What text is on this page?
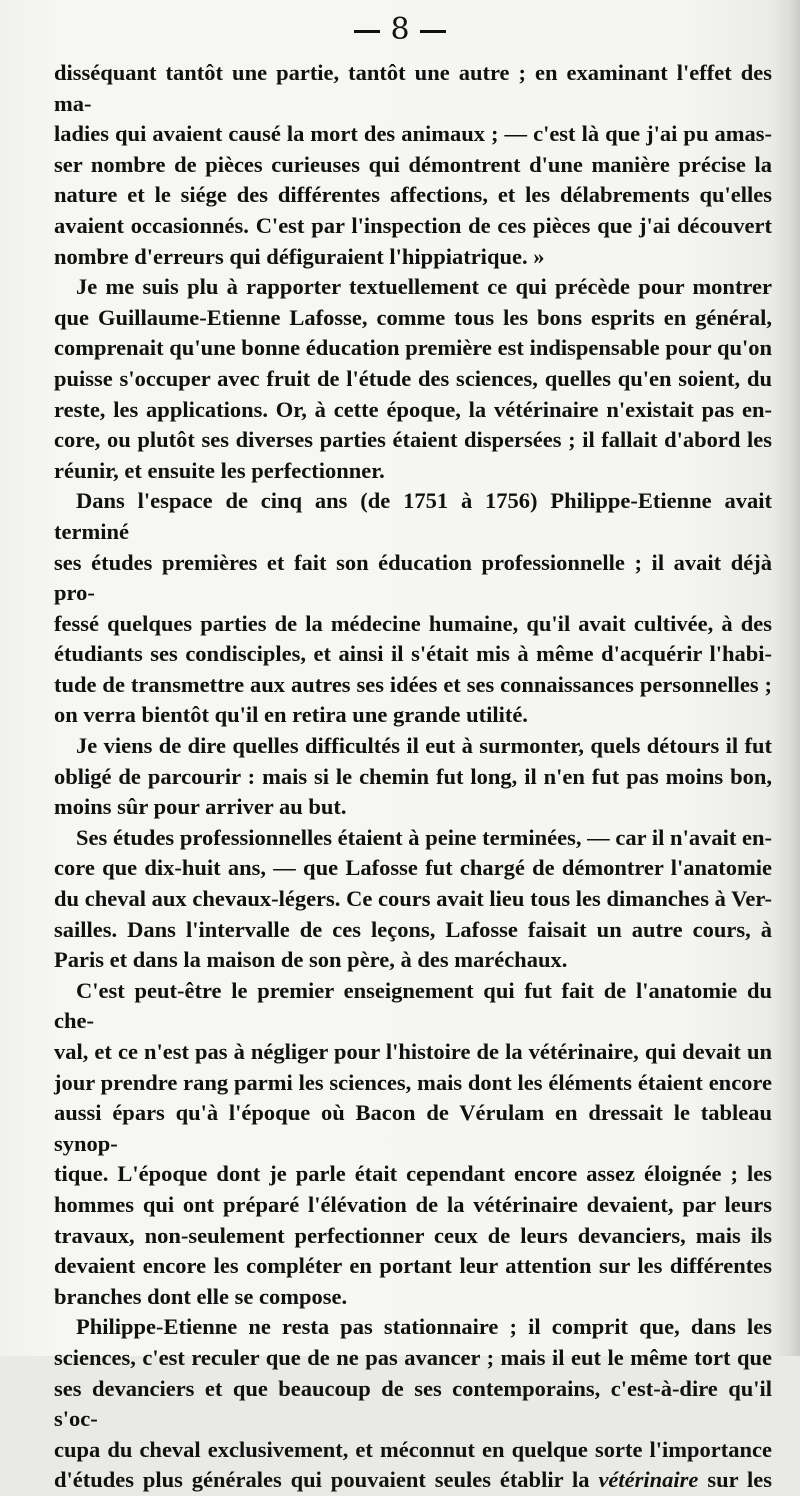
8

disséquant tantôt une partie, tantôt une autre ; en examinant l'effet des ma-

ladies qui avaient causé la mort des animaux ; — c'est là que j'ai pu amas-

ser nombre de pièces curieuses qui démontrent d'une manière précise la

nature et le siége des différentes affections, et les délabrements qu'elles

avaient occasionnés. C'est par l'inspection de ces pièces que j'ai découvert

nombre d'erreurs qui défiguraient l'hippiatrique. »

Je me suis plu à rapporter textuellement ce qui précède pour montrer

que Guillaume-Etienne Lafosse, comme tous les bons esprits en général,

comprenait qu'une bonne éducation première est indispensable pour qu'on

puisse s'occuper avec fruit de l'étude des sciences, quelles qu'en soient, du

reste, les applications. Or, à cette époque, la vétérinaire n'existait pas en-

core, ou plutôt ses diverses parties étaient dispersées ; il fallait d'abord les

réunir, et ensuite les perfectionner.

Dans l'espace de cinq ans (de 1751 à 1756) Philippe-Etienne avait terminé

ses études premières et fait son éducation professionnelle ; il avait déjà pro-

fessé quelques parties de la médecine humaine, qu'il avait cultivée, à des

étudiants ses condisciples, et ainsi il s'était mis à même d'acquérir l'habi-

tude de transmettre aux autres ses idées et ses connaissances personnelles ;

on verra bientôt qu'il en retira une grande utilité.

Je viens de dire quelles difficultés il eut à surmonter, quels détours il fut

obligé de parcourir : mais si le chemin fut long, il n'en fut pas moins bon,

moins sûr pour arriver au but.

Ses études professionnelles étaient à peine terminées, — car il n'avait en-

core que dix-huit ans, — que Lafosse fut chargé de démontrer l'anatomie

du cheval aux chevaux-légers. Ce cours avait lieu tous les dimanches à Ver-

sailles. Dans l'intervalle de ces leçons, Lafosse faisait un autre cours, à

Paris et dans la maison de son père, à des maréchaux.

C'est peut-être le premier enseignement qui fut fait de l'anatomie du che-

val, et ce n'est pas à négliger pour l'histoire de la vétérinaire, qui devait un

jour prendre rang parmi les sciences, mais dont les éléments étaient encore

aussi épars qu'à l'époque où Bacon de Vérulam en dressait le tableau synop-

tique. L'époque dont je parle était cependant encore assez éloignée ; les

hommes qui ont préparé l'élévation de la vétérinaire devaient, par leurs

travaux, non-seulement perfectionner ceux de leurs devanciers, mais ils

devaient encore les compléter en portant leur attention sur les différentes

branches dont elle se compose.

Philippe-Etienne ne resta pas stationnaire ; il comprit que, dans les

sciences, c'est reculer que de ne pas avancer ; mais il eut le même tort que

ses devanciers et que beaucoup de ses contemporains, c'est-à-dire qu'il s'oc-

cupa du cheval exclusivement, et méconnut en quelque sorte l'importance

d'études plus générales qui pouvaient seules établir la vétérinaire sur les
